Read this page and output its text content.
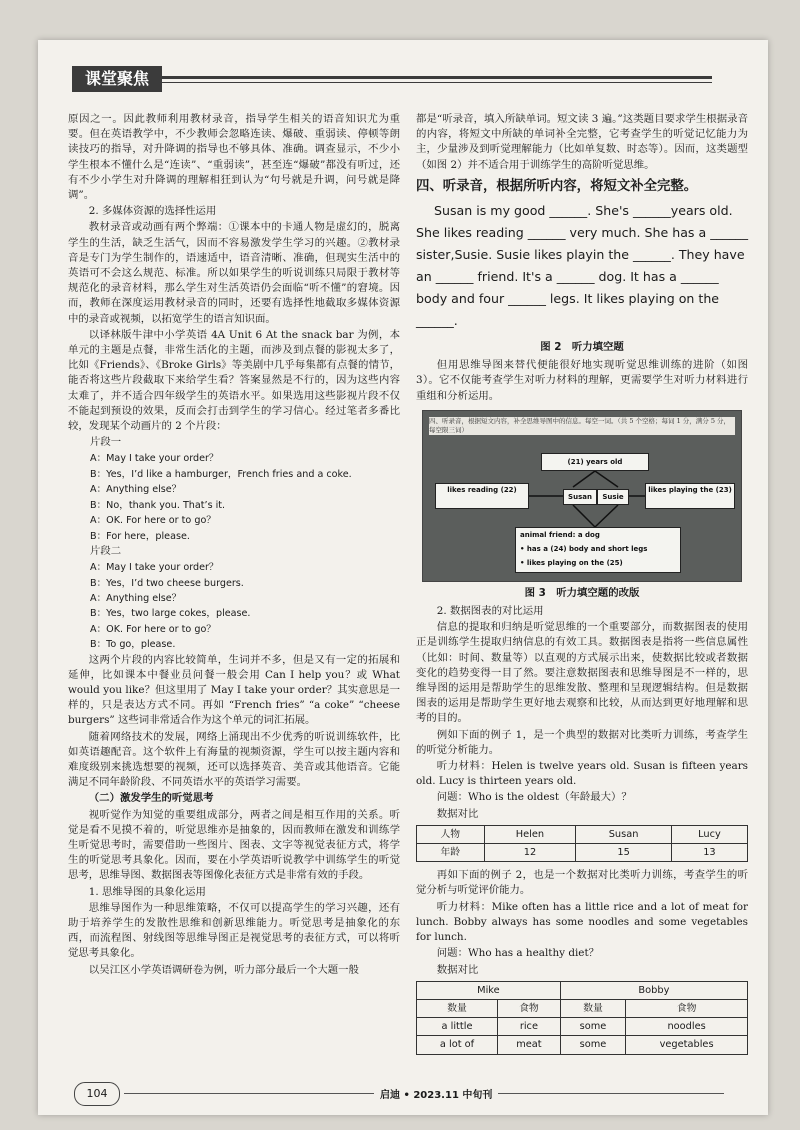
课堂聚焦

原因之一。因此教师利用教材录音，指导学生相关的语音知识尤为重要。但在英语教学中，不少教师会忽略连读、爆破、重弱读、停顿等朗读技巧的指导，对升降调的指导也不够具体、准确。调查显示，不少小学生根本不懂什么是“连读”、“重弱读”，甚至连“爆破”都没有听过，还有不少小学生对升降调的理解相狂到认为“句号就是升调，问号就是降调”。

2. 多媒体资源的选择性运用

教材录音或动画有两个弊端：①课本中的卡通人物是虚幻的，脱离学生的生活，缺乏生活气，因而不容易激发学生学习的兴趣。②教材录音是专门为学生制作的，语速适中，语音清晰、准确，但现实生活中的英语可不会这么规范、标准。所以如果学生的听说训练只局限于教材等规范化的录音材料，那么学生对生活英语仍会面临“听不懂”的窘境。因而，教师在深度运用教材录音的同时，还要有选择性地截取多媒体资源中的录音或视频，以拓宽学生的语言知识面。

以译林版牛津中小学英语 4A Unit 6 At the snack bar 为例，本单元的主题是点餐，非常生活化的主题，而涉及到点餐的影视太多了，比如《Friends》、《Broke Girls》等美剧中几乎每集都有点餐的情节，能否将这些片段截取下来给学生看？答案显然是不行的，因为这些内容太难了，并不适合四年级学生的英语水平。如果选用这些影视片段不仅不能起到预设的效果，反而会打击到学生的学习信心。经过笔者多番比较，发现某个动画片的 2 个片段：

片段一

A：May I take your order？
B：Yes，I’d like a hamburger，French fries and a coke.
A：Anything else？
B：No，thank you. That’s it.
A：OK. For here or to go？
B：For here，please.

片段二

A：May I take your order？
B：Yes，I’d two cheese burgers.
A：Anything else？
B：Yes，two large cokes，please.
A：OK. For here or to go？
B：To go，please.

这两个片段的内容比较简单，生词并不多，但是又有一定的拓展和延伸，比如课本中餐业员问餐一般会用 Can I help you？或 What would you like？但这里用了 May I take your order？其实意思是一样的，只是表达方式不同。再如 “French fries” “a coke” “cheese burgers” 这些词非常适合作为这个单元的词汇拓展。

随着网络技术的发展，网络上涌现出不少优秀的听说训练软件，比如英语趣配音。这个软件上有海量的视频资源，学生可以按主题内容和难度级别来挑选想要的视频，还可以选择英音、美音或其他语音。它能满足不同年龄阶段、不同英语水平的英语学习需要。

（二）激发学生的听觉思考

视听觉作为知觉的重要组成部分，两者之间是相互作用的关系。听觉是看不见摸不着的，听觉思维亦是抽象的，因而教师在激发和训练学生听觉思考时，需要借助一些图片、图表、文字等视觉表征方式，将学生的听觉思考具象化。因而，要在小学英语听说教学中训练学生的听觉思考，思维导图、数据图表等图像化表征方式是非常有效的手段。

1. 思维导图的具象化运用

思维导图作为一种思维策略，不仅可以提高学生的学习兴趣，还有助于培养学生的发散性思维和创新思维能力。听觉思考是抽象化的东西，而流程图、射线图等思维导图正是视觉思考的表征方式，可以将听觉思考具象化。

以吴江区小学英语调研卷为例，听力部分最后一个大题一般

都是“听录音，填入所缺单词。短文读 3 遍。”这类题目要求学生根据录音的内容，将短文中所缺的单词补全完整，它考查学生的听觉记忆能力为主，少量涉及到听觉理解能力（比如单复数、时态等）。因而，这类题型（如图 2）并不适合用于训练学生的高阶听觉思维。

四、听录音，根据所听内容，将短文补全完整。
Susan is my good ______. She's ______years old. She likes reading ______ very much. She has a ______ sister,Susie. Susie likes playin the ______. They have an ______ friend. It's a ______ dog. It has a ______ body and four ______ legs. It likes playing on the ______.
图 2　听力填空题

但用思维导图来替代便能很好地实现听觉思维训练的进阶（如图 3）。它不仅能考查学生对听力材料的理解，更需要学生对听力材料进行重组和分析运用。

四、听录音，根据短文内容，补全思维导图中的信息。每空一词。（共 5 个空格；每词 1 分，满分 5 分，每空限三词）
(21) years old
likes reading (22)
Susan	Susie
likes playing the (23)
animal friend: a dog
• has a (24) body and short legs
• likes playing on the (25)
图 3　听力填空题的改版

2. 数据图表的对比运用

信息的提取和归纳是听觉思维的一个重要部分，而数据图表的使用正是训练学生提取归纳信息的有效工具。数据图表是指将一些信息属性（比如：时间、数量等）以直观的方式展示出来，使数据比较或者数据变化的趋势变得一目了然。要注意数据图表和思维导图是不一样的，思维导图的运用是帮助学生的思维发散、整理和呈现逻辑结构。但是数据图表的运用是帮助学生更好地去观察和比较，从而达到更好地理解和思考的目的。

例如下面的例子 1，是一个典型的数据对比类听力训练，考查学生的听觉分析能力。

听力材料：Helen is twelve years old. Susan is fifteen years old. Lucy is thirteen years old.

问题：Who is the oldest（年龄最大）？

数据对比

人物	Helen	Susan	Lucy
年龄	12	15	13

再如下面的例子 2，也是一个数据对比类听力训练，考查学生的听觉分析与听觉评价能力。

听力材料：Mike often has a little rice and a lot of meat for lunch. Bobby always has some noodles and some vegetables for lunch.

问题：Who has a healthy diet？

数据对比

Mike		Bobby	
数量	食物	数量	食物
a little	rice	some	noodles
a lot of	meat	some	vegetables
104	启迪 • 2023.11 中旬刊
